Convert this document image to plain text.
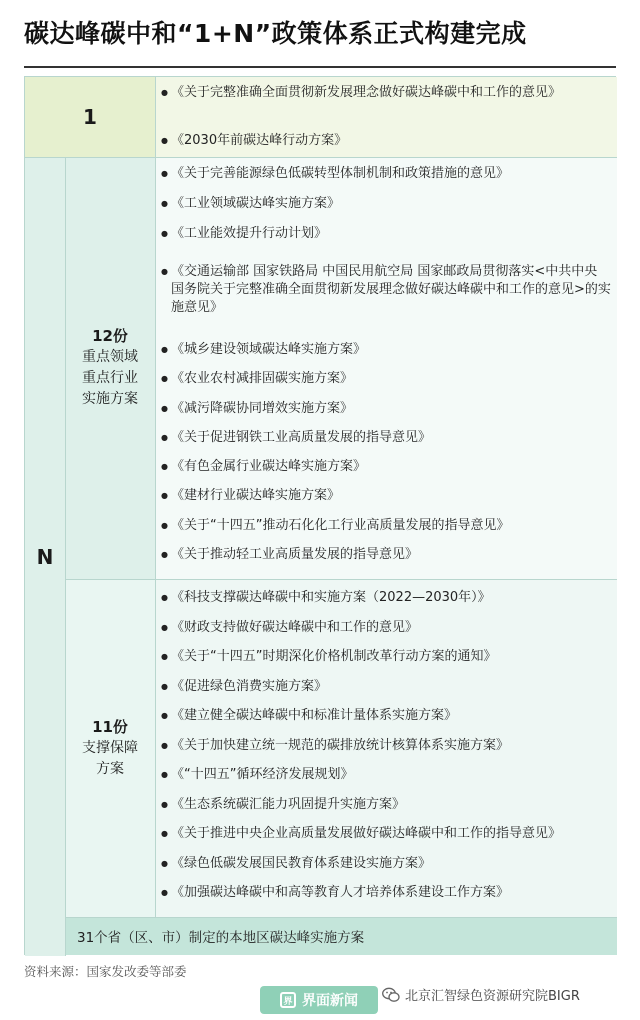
碳达峰碳中和“1+N”政策体系正式构建完成
1
● 《关于完整准确全面贯彻新发展理念做好碳达峰碳中和工作的意见》
● 《2030年前碳达峰行动方案》
N
12份
重点领域
重点行业
实施方案
● 《关于完善能源绿色低碳转型体制机制和政策措施的意见》
● 《工业领域碳达峰实施方案》
● 《工业能效提升行动计划》
● 《交通运输部 国家铁路局 中国民用航空局 国家邮政局贯彻落实<中共中央 国务院关于完整准确全面贯彻新发展理念做好碳达峰碳中和工作的意见>的实施意见》
● 《城乡建设领域碳达峰实施方案》
● 《农业农村减排固碳实施方案》
● 《减污降碳协同增效实施方案》
● 《关于促进钢铁工业高质量发展的指导意见》
● 《有色金属行业碳达峰实施方案》
● 《建材行业碳达峰实施方案》
● 《关于“十四五”推动石化化工行业高质量发展的指导意见》
● 《关于推动轻工业高质量发展的指导意见》
11份
支撑保障
方案
● 《科技支撑碳达峰碳中和实施方案（2022—2030年）》
● 《财政支持做好碳达峰碳中和工作的意见》
● 《关于“十四五”时期深化价格机制改革行动方案的通知》
● 《促进绿色消费实施方案》
● 《建立健全碳达峰碳中和标准计量体系实施方案》
● 《关于加快建立统一规范的碳排放统计核算体系实施方案》
● 《“十四五”循环经济发展规划》
● 《生态系统碳汇能力巩固提升实施方案》
● 《关于推进中央企业高质量发展做好碳达峰碳中和工作的指导意见》
● 《绿色低碳发展国民教育体系建设实施方案》
● 《加强碳达峰碳中和高等教育人才培养体系建设工作方案》
31个省（区、市）制定的本地区碳达峰实施方案
资料来源：国家发改委等部委
界 界面新闻	北京汇智绿色资源研究院BIGR
